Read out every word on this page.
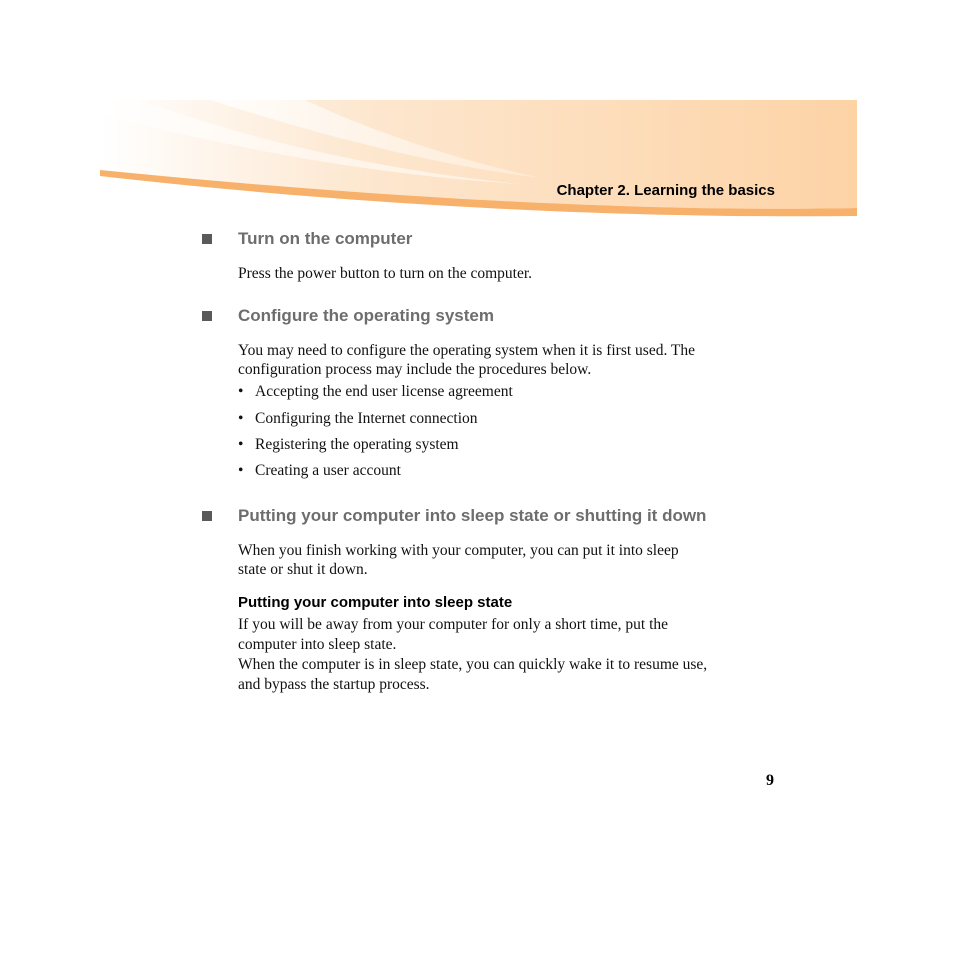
Chapter 2. Learning the basics
Turn on the computer

Press the power button to turn on the computer.

Configure the operating system

You may need to configure the operating system when it is first used. The

configuration process may include the procedures below.

• Accepting the end user license agreement
• Configuring the Internet connection
• Registering the operating system
• Creating a user account
Putting your computer into sleep state or shutting it down

When you finish working with your computer, you can put it into sleep

state or shut it down.

Putting your computer into sleep state

If you will be away from your computer for only a short time, put the

computer into sleep state.

When the computer is in sleep state, you can quickly wake it to resume use,

and bypass the startup process.

9
